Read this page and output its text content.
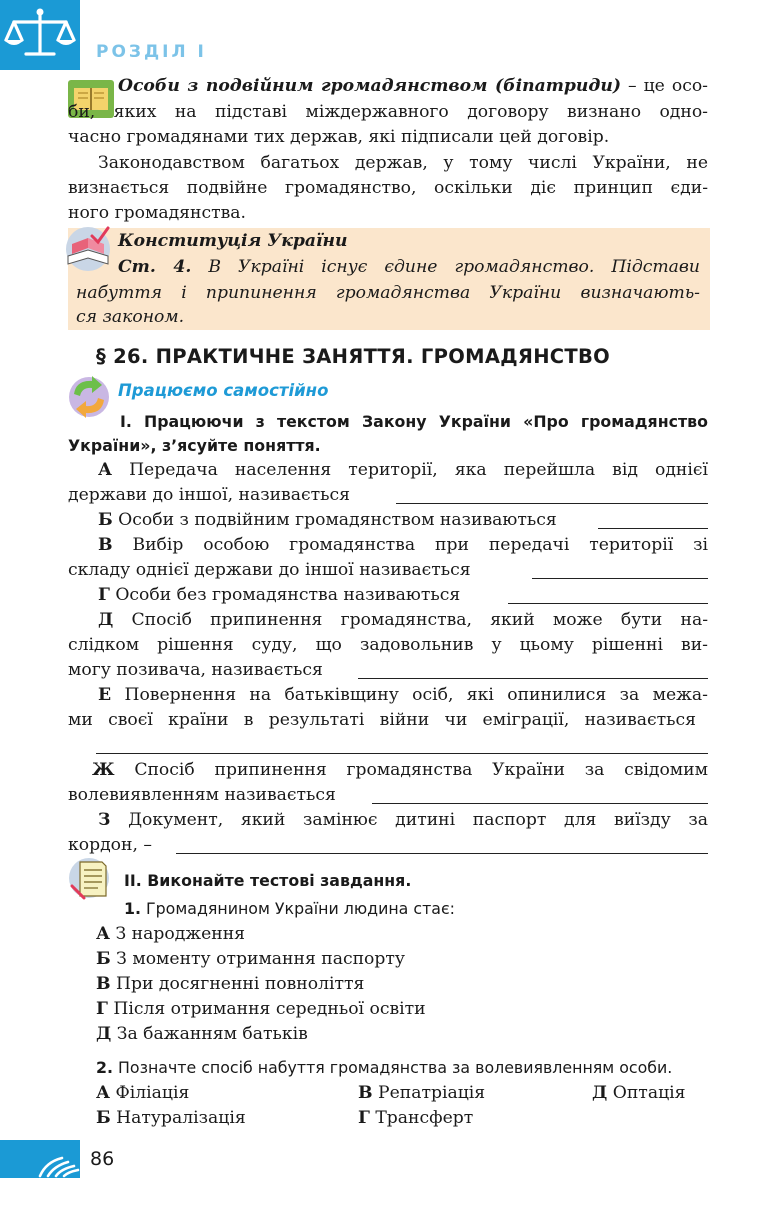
РОЗДІЛ І
Особи з подвійним громадянством (біпатриди) – це осо-
би, яких на підставі міждержавного договору визнано одно-
часно громадянами тих держав, які підписали цей договір.
Законодавством багатьох держав, у тому числі України, не
визнається подвійне громадянство, оскільки діє принцип єди-
ного громадянства.
Конституція України
Ст. 4. В Україні існує єдине громадянство. Підстави
набуття і припинення громадянства України визначають-
ся законом.
§ 26. ПРАКТИЧНЕ ЗАНЯТТЯ. ГРОМАДЯНСТВО
Працюємо самостійно
I. Працюючи з текстом Закону України «Про громадянство
України», з’ясуйте поняття.
А Передача населення території, яка перейшла від однієї
держави до іншої, називається
Б Особи з подвійним громадянством називаються
В Вибір особою громадянства при передачі території зі
складу однієї держави до іншої називається
Г Особи без громадянства називаються
Д Спосіб припинення громадянства, який може бути на-
слідком рішення суду, що задовольнив у цьому рішенні ви-
могу позивача, називається
Е Повернення на батьківщину осіб, які опинилися за межа-
ми своєї країни в результаті війни чи еміграції, називається
Ж Спосіб припинення громадянства України за свідомим
волевиявленням називається
З Документ, який замінює дитині паспорт для виїзду за
кордон, –
II. Виконайте тестові завдання.
1. Громадянином України людина стає:
А З народження
Б З моменту отримання паспорту
В При досягненні повноліття
Г Після отримання середньої освіти
Д За бажанням батьків
2. Позначте спосіб набуття громадянства за волевиявленням особи.
А Філіація	В Репатріація	Д Оптація
Б Натуралізація	Г Трансферт
86
